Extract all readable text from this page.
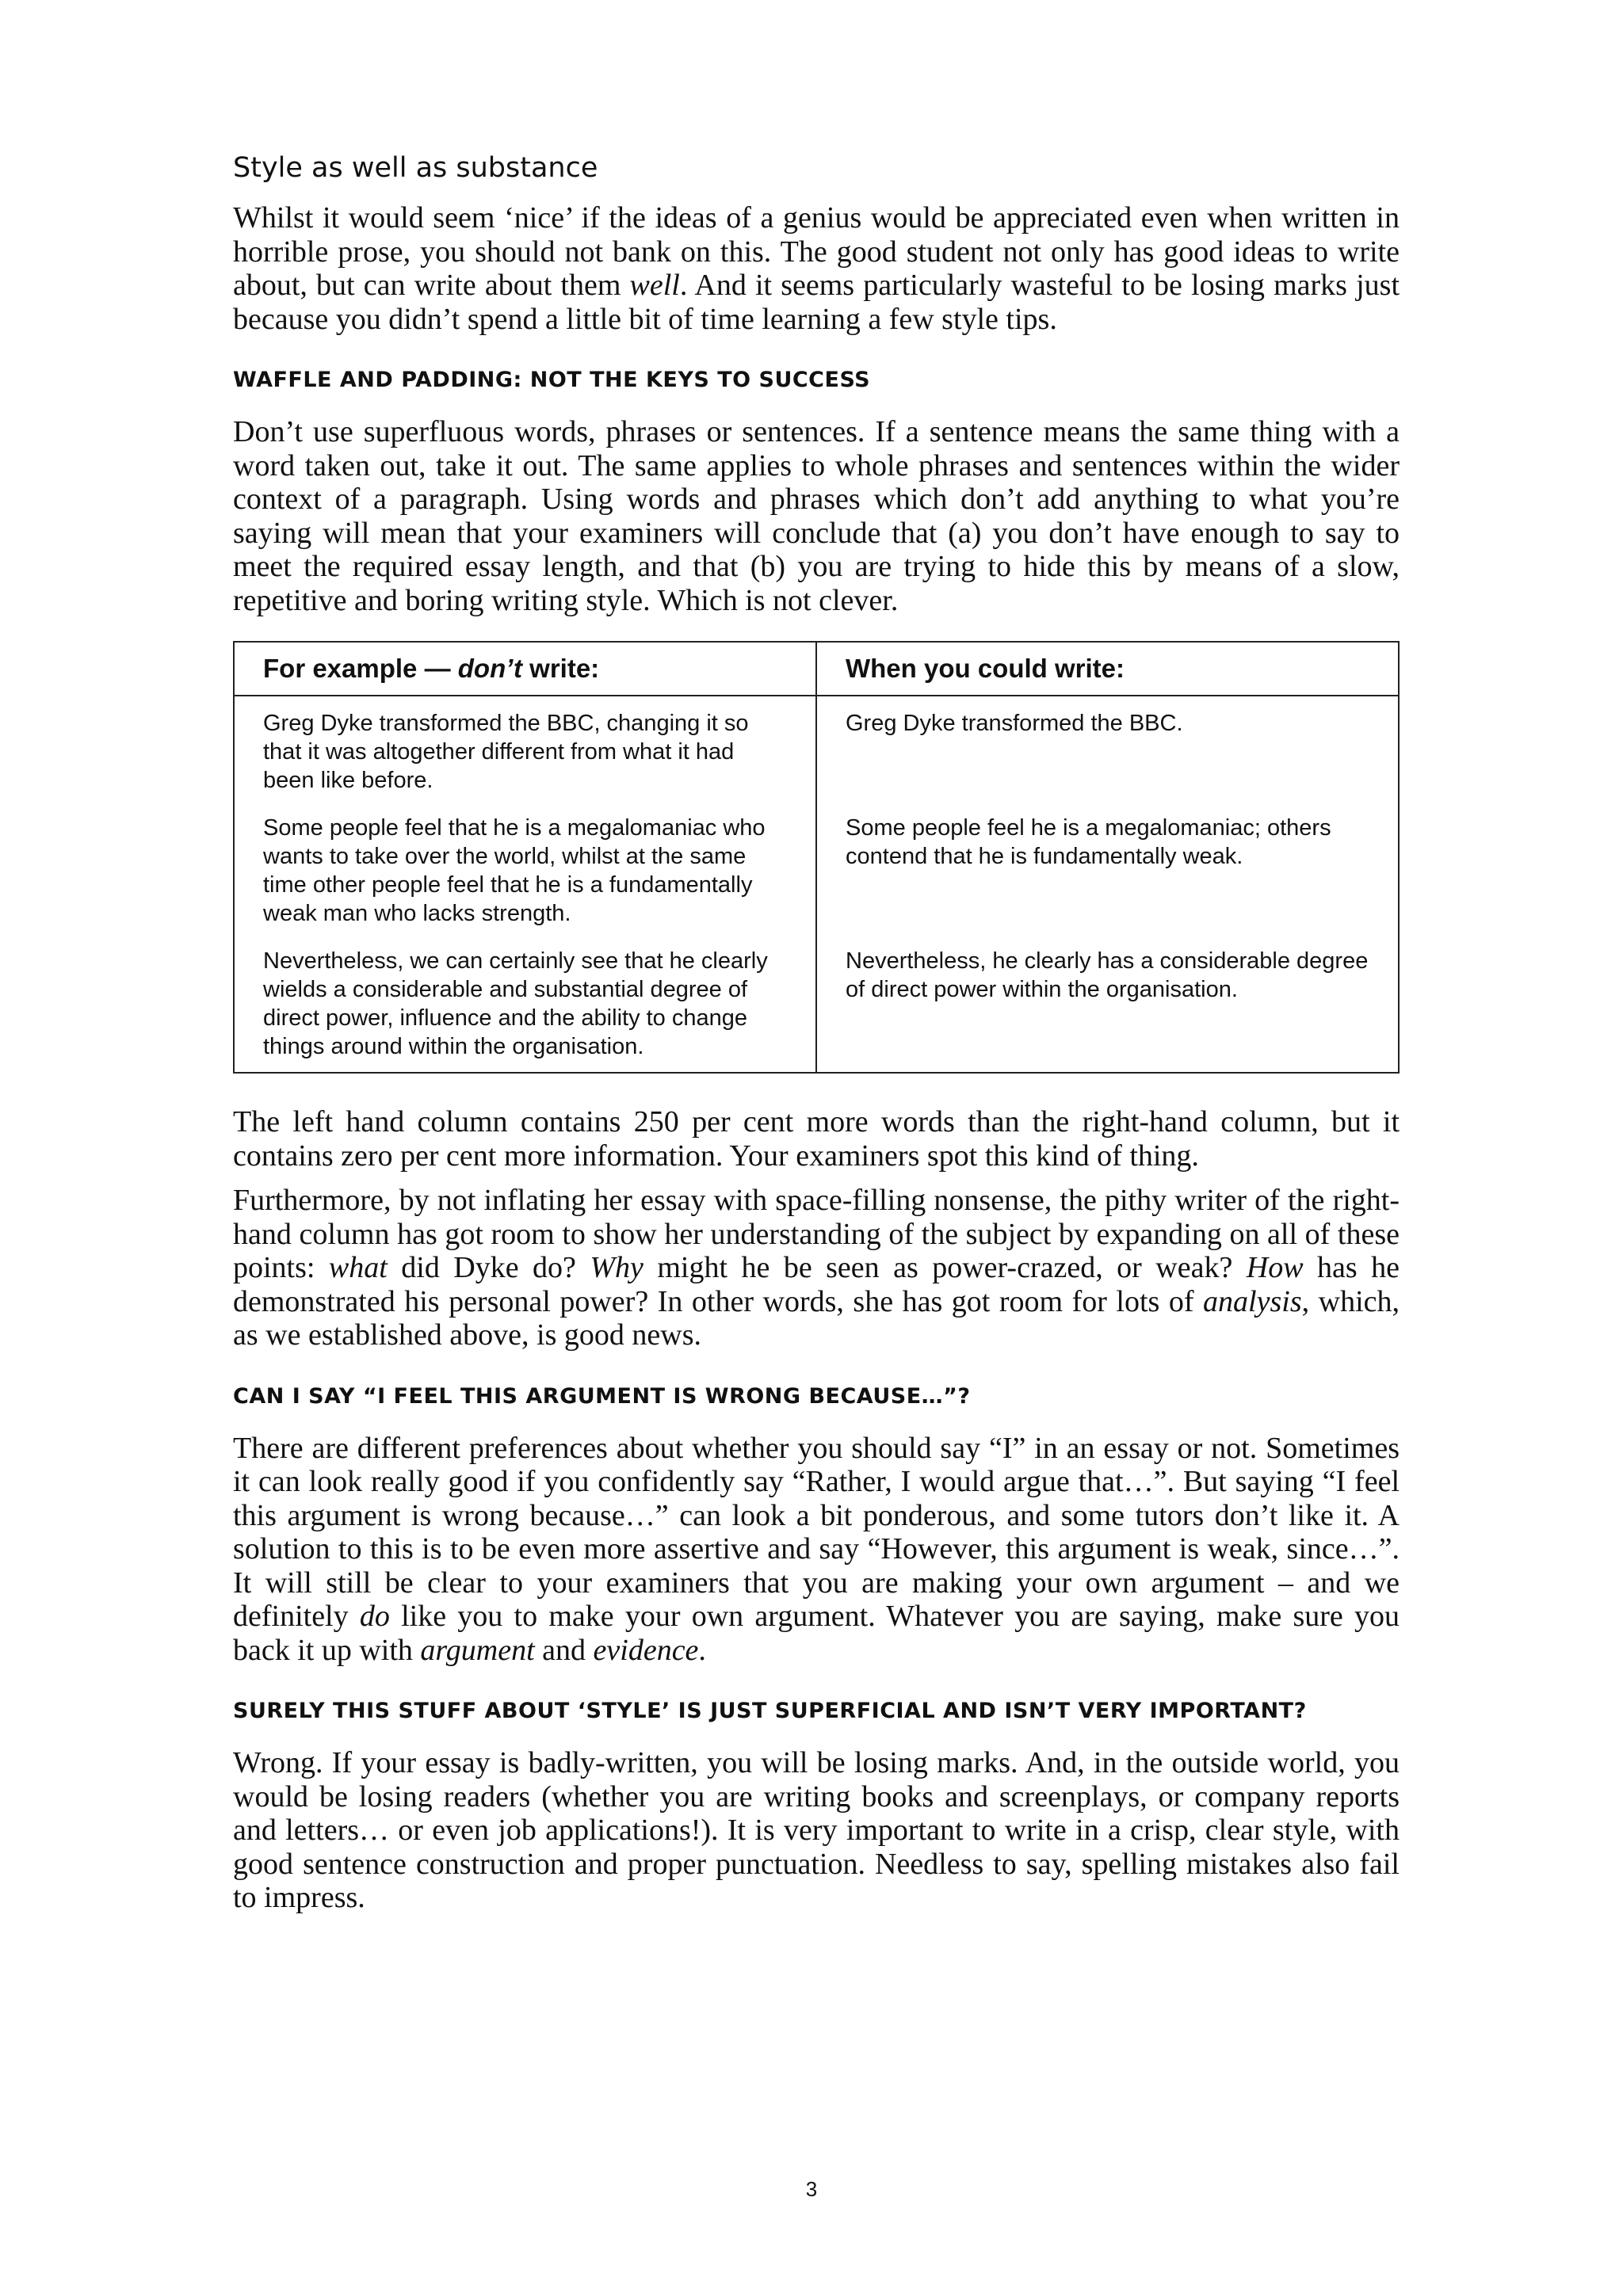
Style as well as substance

Whilst it would seem ‘nice’ if the ideas of a genius would be appreciated even when written in horrible prose, you should not bank on this. The good student not only has good ideas to write about, but can write about them well. And it seems particularly wasteful to be losing marks just because you didn’t spend a little bit of time learning a few style tips.

WAFFLE AND PADDING: NOT THE KEYS TO SUCCESS

Don’t use superfluous words, phrases or sentences. If a sentence means the same thing with a word taken out, take it out. The same applies to whole phrases and sentences within the wider context of a paragraph. Using words and phrases which don’t add anything to what you’re saying will mean that your examiners will conclude that (a) you don’t have enough to say to meet the required essay length, and that (b) you are trying to hide this by means of a slow, repetitive and boring writing style. Which is not clever.

For example — don’t write:	When you could write:
Greg Dyke transformed the BBC, changing it so that it was altogether different from what it had been like before.	Greg Dyke transformed the BBC.
Some people feel that he is a megalomaniac who wants to take over the world, whilst at the same time other people feel that he is a fundamentally weak man who lacks strength.	Some people feel he is a megalomaniac; others contend that he is fundamentally weak.
Nevertheless, we can certainly see that he clearly wields a considerable and substantial degree of direct power, influence and the ability to change things around within the organisation.	Nevertheless, he clearly has a considerable degree of direct power within the organisation.

The left hand column contains 250 per cent more words than the right-hand column, but it contains zero per cent more information. Your examiners spot this kind of thing.

Furthermore, by not inflating her essay with space-filling nonsense, the pithy writer of the right-hand column has got room to show her understanding of the subject by expanding on all of these points: what did Dyke do? Why might he be seen as power-crazed, or weak? How has he demonstrated his personal power? In other words, she has got room for lots of analysis, which, as we established above, is good news.

CAN I SAY “I FEEL THIS ARGUMENT IS WRONG BECAUSE…”?

There are different preferences about whether you should say “I” in an essay or not. Sometimes it can look really good if you confidently say “Rather, I would argue that…”. But saying “I feel this argument is wrong because…” can look a bit ponderous, and some tutors don’t like it. A solution to this is to be even more assertive and say “However, this argument is weak, since…”. It will still be clear to your examiners that you are making your own argument – and we definitely do like you to make your own argument. Whatever you are saying, make sure you back it up with argument and evidence.

SURELY THIS STUFF ABOUT ‘STYLE’ IS JUST SUPERFICIAL AND ISN’T VERY IMPORTANT?

Wrong. If your essay is badly-written, you will be losing marks. And, in the outside world, you would be losing readers (whether you are writing books and screenplays, or company reports and letters… or even job applications!). It is very important to write in a crisp, clear style, with good sentence construction and proper punctuation. Needless to say, spelling mistakes also fail to impress.

3
